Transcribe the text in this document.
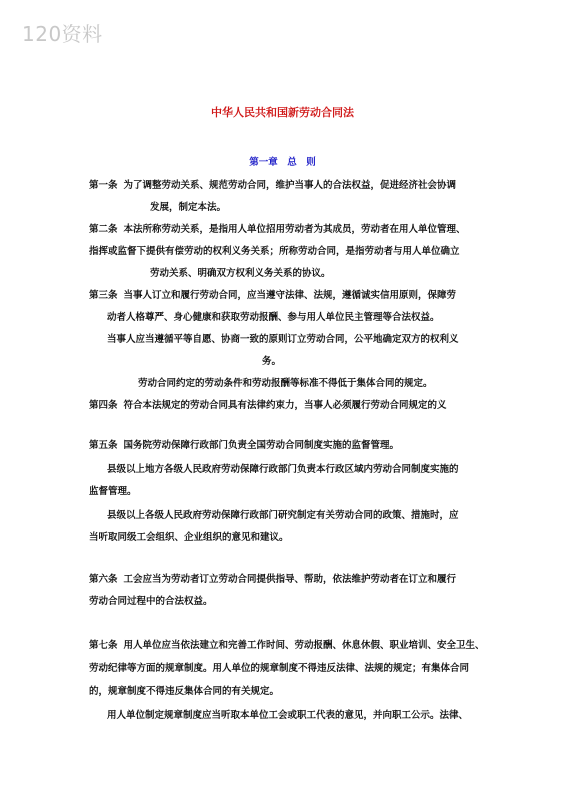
120资料
中华人民共和国新劳动合同法
第一章　总　则
第一条 为了调整劳动关系、规范劳动合同，维护当事人的合法权益，促进经济社会协调
发展，制定本法。
第二条 本法所称劳动关系，是指用人单位招用劳动者为其成员，劳动者在用人单位管理、
指挥或监督下提供有偿劳动的权利义务关系；所称劳动合同，是指劳动者与用人单位确立
劳动关系、明确双方权利义务关系的协议。
第三条 当事人订立和履行劳动合同，应当遵守法律、法规，遵循诚实信用原则，保障劳
动者人格尊严、身心健康和获取劳动报酬、参与用人单位民主管理等合法权益。
当事人应当遵循平等自愿、协商一致的原则订立劳动合同，公平地确定双方的权利义
务。
劳动合同约定的劳动条件和劳动报酬等标准不得低于集体合同的规定。
第四条 符合本法规定的劳动合同具有法律约束力，当事人必须履行劳动合同规定的义
第五条 国务院劳动保障行政部门负责全国劳动合同制度实施的监督管理。
县级以上地方各级人民政府劳动保障行政部门负责本行政区域内劳动合同制度实施的
监督管理。
县级以上各级人民政府劳动保障行政部门研究制定有关劳动合同的政策、措施时，应
当听取同级工会组织、企业组织的意见和建议。
第六条 工会应当为劳动者订立劳动合同提供指导、帮助，依法维护劳动者在订立和履行
劳动合同过程中的合法权益。
第七条 用人单位应当依法建立和完善工作时间、劳动报酬、休息休假、职业培训、安全卫生、
劳动纪律等方面的规章制度。用人单位的规章制度不得违反法律、法规的规定；有集体合同
的，规章制度不得违反集体合同的有关规定。
用人单位制定规章制度应当听取本单位工会或职工代表的意见，并向职工公示。法律、
